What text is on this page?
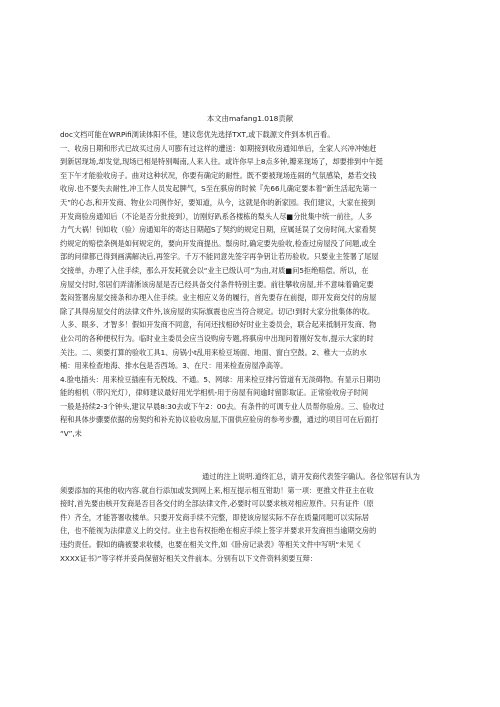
本文由mafang1.018贡献
doc文档可能在WRPifi浏读体阳不佳，建议您优先选择TXT,或下载源文件到本机百看。
一、收房日期和形式已故买过房人可膨有过这样的遭送：如期接到收房通知单后，全家人兴冲冲她赶
到新居现场,却发觉,现场已相是特别喝南,人来人往。或许你早上8点多钟,瓣来现场了，却要排到中午挺
至下午才能验收房子。曲对这种状况，你要有确定的耐性。既不要被现场连闹的气氛感染，悬若交钱
收房.也不要失去耐性,冲工作人员发起脾气，S至在骐房的时候『先66儿确定要本着“新生活起先第一
天”的心态,和开发商、物业公司例作好，要知道，从今，这就是你的新家园。我们建议，大家在接到
开发商验房通知后（不论是否分批接到），访刚好趴系各楼栋的梨头人尽■分批集中统一前往，人多
力气大祸！钊如收（验）房通知年的寄达日期超S了契约的规定日期，应属延误了交房时间,大家看契
约规定的赔偿条例是如何规定的，要向开发商提出。鬃房时,确定要先验收,检查过房屋没了问题,或全
部的问律都已得到画满解决后,再签字。千万不能同意先签字再争钥让若历验收。只要业主签署了尾屋
交接单，办理了入住手续，那么开发耗就会以“业主已级认可”为由,对质■问5拒绝赔偿。所以，在
房屋交付时,邻居们弄清淅该房屋是否已经具备交付条件特别主要。前往攀收房屋,并不意味着确定要
轰闷签署房屋交接条和办理入住手续。业主相应义务的履行，首先要存在前提，即开发商交付的房屋
除了具得房屋交付的法律文件外,该房屋的实际旗震也应当符合规定。切记!到时大家分批集体的收。
人多、眼多、才智多！假如开发商不同意，有问还找相砂好时业主委员会，联合起来抵制开发商、物
业公司的各种便权行为。临时业主委员会应当设购房专题,将骐房中出现问着刚好发布,提示大家的时
关注。二、须要打算的验收工具1、房锅小t乱用来检豆场面、地面、窗白空鼓。2、稚大一点的水
桶：用来检查地海、排水包是否西场。3、在尺：用来检查房屋净高等。
4.脸电插头：用来检豆插座有无脱线、不通。5、网球：用来检豆排污管道有无淡碍物。有显示日期功
能的相机（带闪光灯），律师建议最好用光学相机-用于房屋有间逾时留影取证。正常验收房子时间
一般是持续2-3个钟头,建议早晨8:30去或下午2：00去。有条件的可调专业人员帮你验房。三、验收过
程和具体步骤要依据的房契约和补充协议验收房屋,下面供应验房的参考步骤，通过的项目可在后面打
“V”,未
通过的注上说明.道终汇总，请开发商代表签字确认。各位邻居有认为
须要添加的其他的收内容.就自行添加或发到网上来,相互提示相互钳助！第一项：更推文件亚主在收
接时,首先要由核开发商是否目各交付的全部法律文件,必要时可以要求核对相应原件。只有证件（原
件）齐全，才能答署收楼单。只要开发商手续不完整，即使该房屋实际不存在质量同题可以实际居
住，也不能视为法律意义上的交付。业主也有权拒绝在相应手续上签字并要求开发商担当逾期交房的
违约责任。假如的确被要求收楼，也要在相关文件,如《卧房记录表》等相关文件中写明“未见《
XXXX证书》”等字样并妥尚保留好相关文件前本。分别有以下文件资料须要互辩：
